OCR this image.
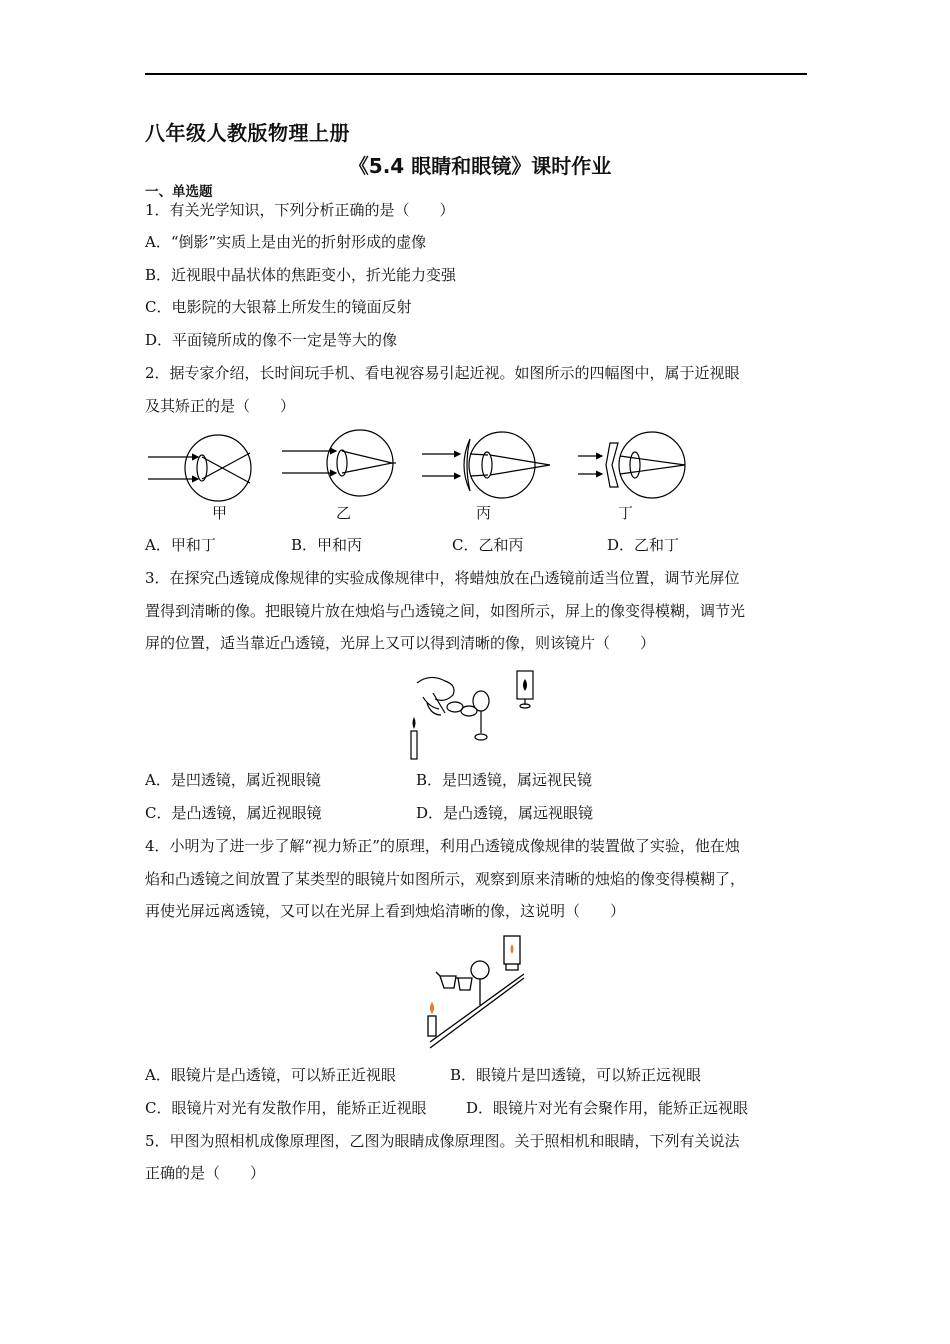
八年级人教版物理上册
《5.4 眼睛和眼镜》课时作业
一、单选题
1．有关光学知识，下列分析正确的是（　　）
A．“倒影”实质上是由光的折射形成的虚像
B．近视眼中晶状体的焦距变小，折光能力变强
C．电影院的大银幕上所发生的镜面反射
D．平面镜所成的像不一定是等大的像
2．据专家介绍，长时间玩手机、看电视容易引起近视。如图所示的四幅图中，属于近视眼
及其矫正的是（　　）
甲	乙	丙	丁
A．甲和丁	B．甲和丙	C．乙和丙	D．乙和丁
3．在探究凸透镜成像规律的实验成像规律中，将蜡烛放在凸透镜前适当位置，调节光屏位
置得到清晰的像。把眼镜片放在烛焰与凸透镜之间，如图所示，屏上的像变得模糊，调节光
屏的位置，适当靠近凸透镜，光屏上又可以得到清晰的像，则该镜片（　　）
A．是凹透镜，属近视眼镜	B．是凹透镜，属远视民镜
C．是凸透镜，属近视眼镜	D．是凸透镜，属远视眼镜
4．小明为了进一步了解“视力矫正”的原理，利用凸透镜成像规律的装置做了实验，他在烛
焰和凸透镜之间放置了某类型的眼镜片如图所示，观察到原来清晰的烛焰的像变得模糊了，
再使光屏远离透镜，又可以在光屏上看到烛焰清晰的像，这说明（　　）
A．眼镜片是凸透镜，可以矫正近视眼	B．眼镜片是凹透镜，可以矫正远视眼
C．眼镜片对光有发散作用，能矫正近视眼	D．眼镜片对光有会聚作用，能矫正远视眼
5．甲图为照相机成像原理图，乙图为眼睛成像原理图。关于照相机和眼睛，下列有关说法
正确的是（　　）
